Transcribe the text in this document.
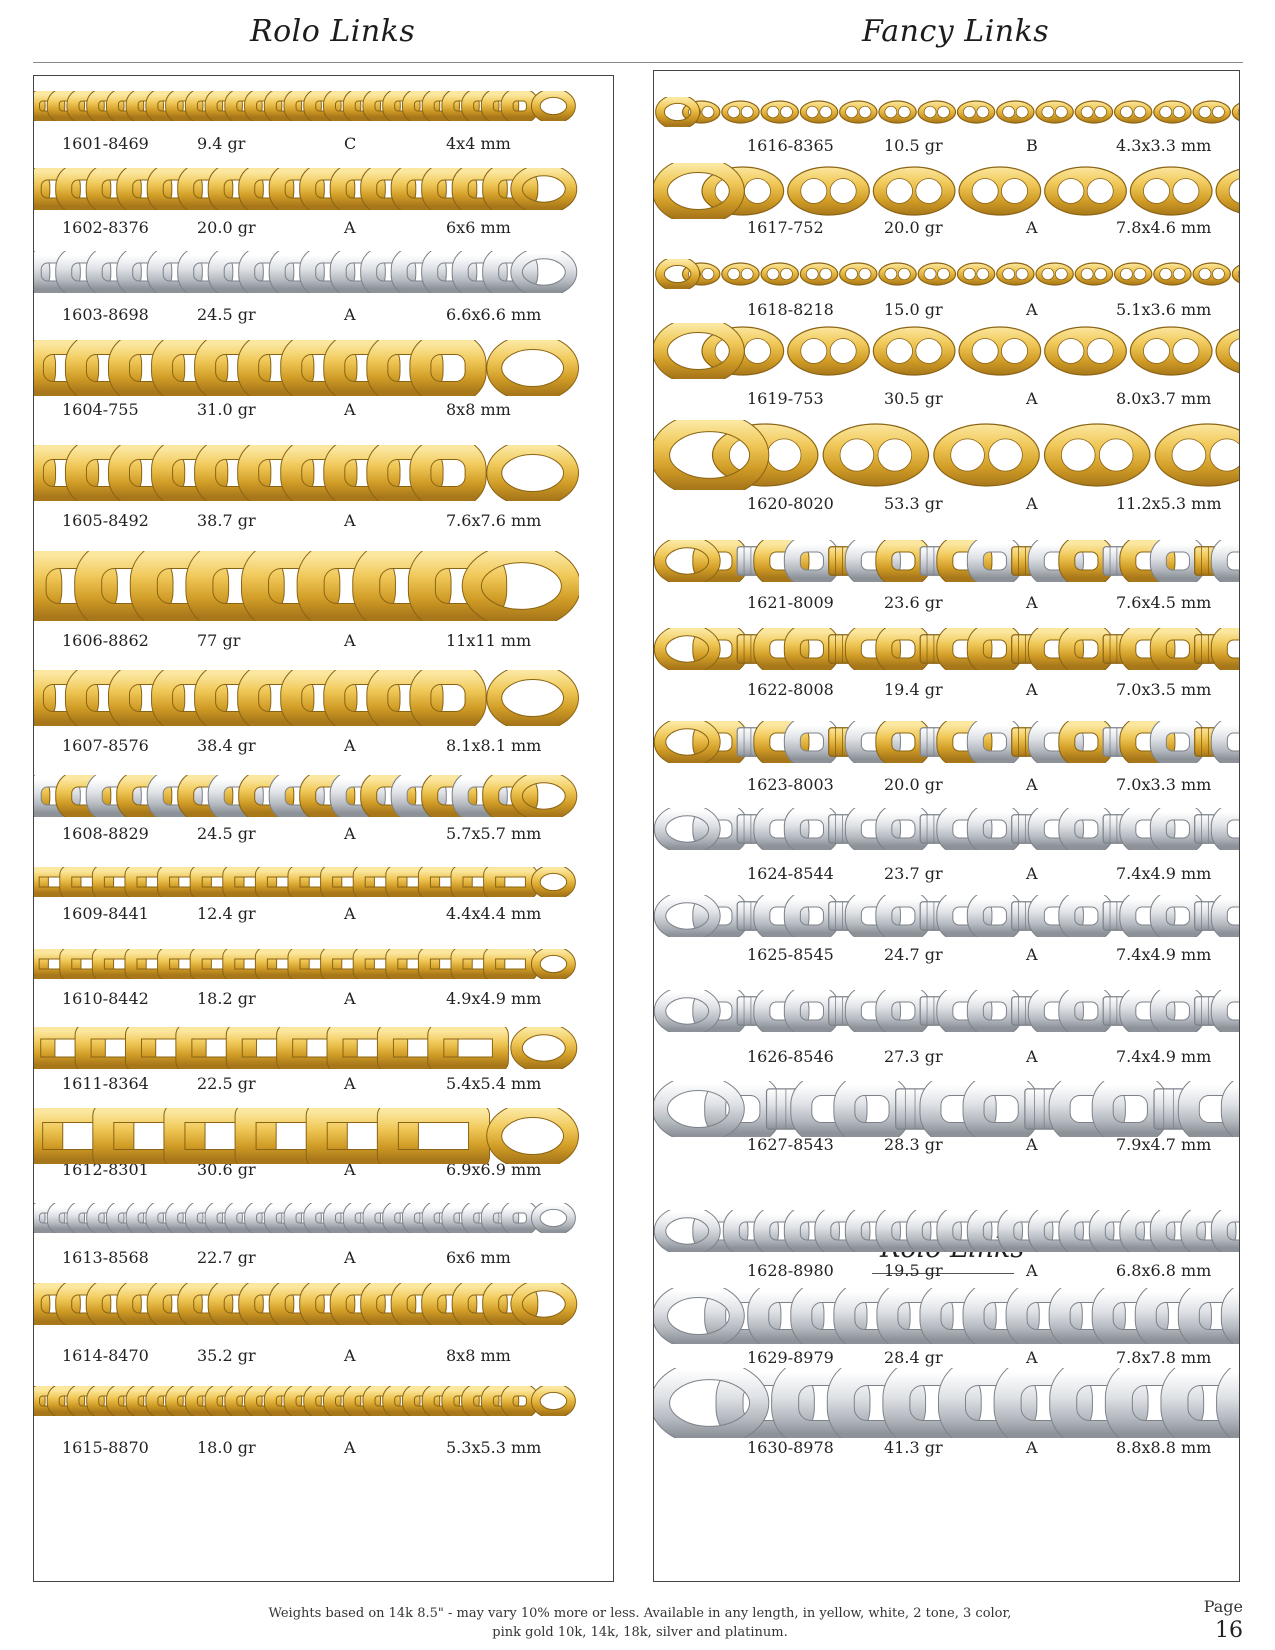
Rolo Links	Fancy Links
1601-8469	9.4 gr	C	4x4 mm
1602-8376	20.0 gr	A	6x6 mm
1603-8698	24.5 gr	A	6.6x6.6 mm
1604-755	31.0 gr	A	8x8 mm
1605-8492	38.7 gr	A	7.6x7.6 mm
1606-8862	77 gr	A	11x11 mm
1607-8576	38.4 gr	A	8.1x8.1 mm
1608-8829	24.5 gr	A	5.7x5.7 mm
1609-8441	12.4 gr	A	4.4x4.4 mm
1610-8442	18.2 gr	A	4.9x4.9 mm
1611-8364	22.5 gr	A	5.4x5.4 mm
1612-8301	30.6 gr	A	6.9x6.9 mm
1613-8568	22.7 gr	A	6x6 mm
1614-8470	35.2 gr	A	8x8 mm
1615-8870	18.0 gr	A	5.3x5.3 mm
Rolo Links
1616-8365	10.5 gr	B	4.3x3.3 mm
1617-752	20.0 gr	A	7.8x4.6 mm
1618-8218	15.0 gr	A	5.1x3.6 mm
1619-753	30.5 gr	A	8.0x3.7 mm
1620-8020	53.3 gr	A	11.2x5.3 mm
1621-8009	23.6 gr	A	7.6x4.5 mm
1622-8008	19.4 gr	A	7.0x3.5 mm
1623-8003	20.0 gr	A	7.0x3.3 mm
1624-8544	23.7 gr	A	7.4x4.9 mm
1625-8545	24.7 gr	A	7.4x4.9 mm
1626-8546	27.3 gr	A	7.4x4.9 mm
1627-8543	28.3 gr	A	7.9x4.7 mm
1628-8980	19.5 gr	A	6.8x6.8 mm
1629-8979	28.4 gr	A	7.8x7.8 mm
1630-8978	41.3 gr	A	8.8x8.8 mm
Weights based on 14k 8.5" - may vary 10% more or less. Available in any length, in yellow, white, 2 tone, 3 color,
pink gold 10k, 14k, 18k, silver and platinum.
Page
16
